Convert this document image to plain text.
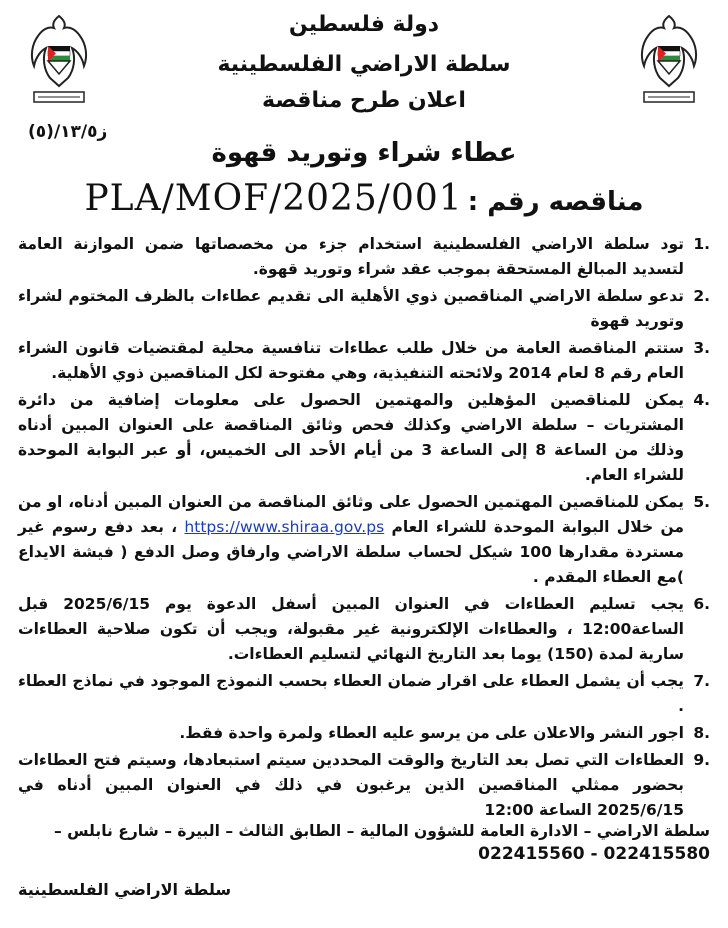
دولة فلسطين
سلطة الاراضي الفلسطينية
اعلان طرح مناقصة
ز١٣/٥/(٥)
عطاء شراء وتوريد قهوة
PLA/MOF/2025/001 مناقصه رقم :
.1
تود سلطة الاراضي الفلسطينية استخدام جزء من مخصصاتها ضمن الموازنة العامة لتسديد المبالغ المستحقة بموجب عقد شراء وتوريد قهوة.
.2
تدعو سلطة الاراضي المناقصين ذوي الأهلية الى تقديم عطاءات بالظرف المختوم لشراء وتوريد قهوة
.3
ستتم المناقصة العامة من خلال طلب عطاءات تنافسية محلية لمقتضيات قانون الشراء العام رقم 8 لعام 2014 ولائحته التنفيذية، وهي مفتوحة لكل المناقصين ذوي الأهلية.
.4
يمكن للمناقصين المؤهلين والمهتمين الحصول على معلومات إضافية من دائرة المشتريات – سلطة الاراضي وكذلك فحص وثائق المناقصة على العنوان المبين أدناه وذلك من الساعة 8 إلى الساعة 3 من أيام الأحد الى الخميس، أو عبر البوابة الموحدة للشراء العام.
.5
يمكن للمناقصين المهتمين الحصول على وثائق المناقصة من العنوان المبين أدناه، او من من خلال البوابة الموحدة للشراء العام https://www.shiraa.gov.ps ، بعد دفع رسوم غير مستردة مقدارها 100 شيكل لحساب سلطة الاراضي وارفاق وصل الدفع ( فيشة الايداع )مع العطاء المقدم .
.6
يجب تسليم العطاءات في العنوان المبين أسفل الدعوة يوم 2025/6/15 قبل الساعة12:00 ، والعطاءات الإلكترونية غير مقبولة، ويجب أن تكون صلاحية العطاءات سارية لمدة (150) يوما بعد التاريخ النهائي لتسليم العطاءات.
.7
يجب أن يشمل العطاء على اقرار ضمان العطاء بحسب النموذج الموجود في نماذج العطاء .
.8
اجور النشر والاعلان على من يرسو عليه العطاء ولمرة واحدة فقط.
.9
العطاءات التي تصل بعد التاريخ والوقت المحددين سيتم استبعادها، وسيتم فتح العطاءات بحضور ممثلي المناقصين الذين يرغبون في ذلك في العنوان المبين أدناه في 2025/6/15 الساعة 12:00
سلطة الاراضي – الادارة العامة للشؤون المالية – الطابق الثالث – البيرة – شارع نابلس –
022415580 - 022415560
سلطة الاراضي الفلسطينية
